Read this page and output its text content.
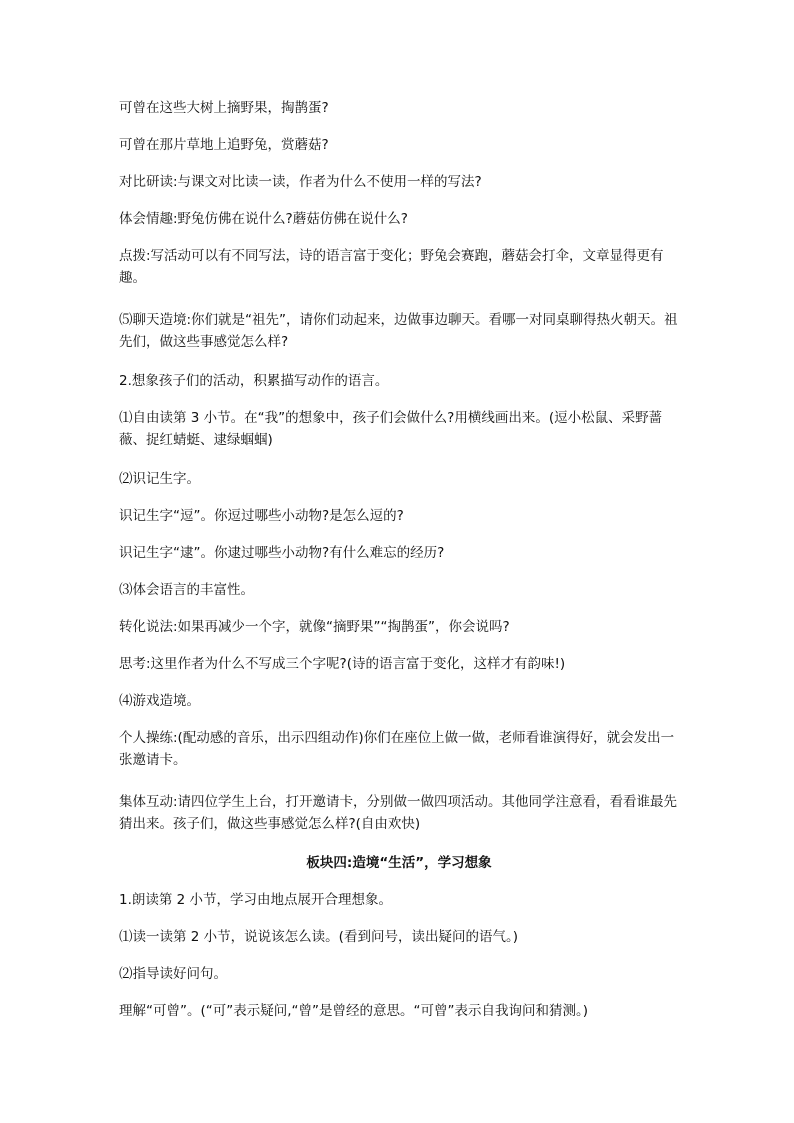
可曾在这些大树上摘野果，掏鹊蛋?

可曾在那片草地上追野兔，赏蘑菇?

对比研读:与课文对比读一读，作者为什么不使用一样的写法?

体会情趣:野兔仿佛在说什么?蘑菇仿佛在说什么?

点拨:写活动可以有不同写法，诗的语言富于变化；野兔会赛跑，蘑菇会打伞，文章显得更有趣。

⑸聊天造境:你们就是“祖先”，请你们动起来，边做事边聊天。看哪一对同桌聊得热火朝天。祖先们，做这些事感觉怎么样?

2.想象孩子们的活动，积累描写动作的语言。

⑴自由读第 3 小节。在“我”的想象中，孩子们会做什么?用横线画出来。(逗小松鼠、采野蔷薇、捉红蜻蜓、逮绿蝈蝈)

⑵识记生字。

识记生字“逗”。你逗过哪些小动物?是怎么逗的?

识记生字“逮”。你逮过哪些小动物?有什么难忘的经历?

⑶体会语言的丰富性。

转化说法:如果再减少一个字，就像“摘野果”“掏鹊蛋”，你会说吗?

思考:这里作者为什么不写成三个字呢?(诗的语言富于变化，这样才有韵味!)

⑷游戏造境。

个人操练:(配动感的音乐，出示四组动作)你们在座位上做一做，老师看谁演得好，就会发出一张邀请卡。

集体互动:请四位学生上台，打开邀请卡，分别做一做四项活动。其他同学注意看，看看谁最先猜出来。孩子们，做这些事感觉怎么样?(自由欢快)

板块四:造境“生活”，学习想象

1.朗读第 2 小节，学习由地点展开合理想象。

⑴读一读第 2 小节，说说该怎么读。(看到问号，读出疑问的语气。)

⑵指导读好问句。

理解“可曾”。(“可”表示疑问,“曾”是曾经的意思。“可曾”表示自我询问和猜测。)
